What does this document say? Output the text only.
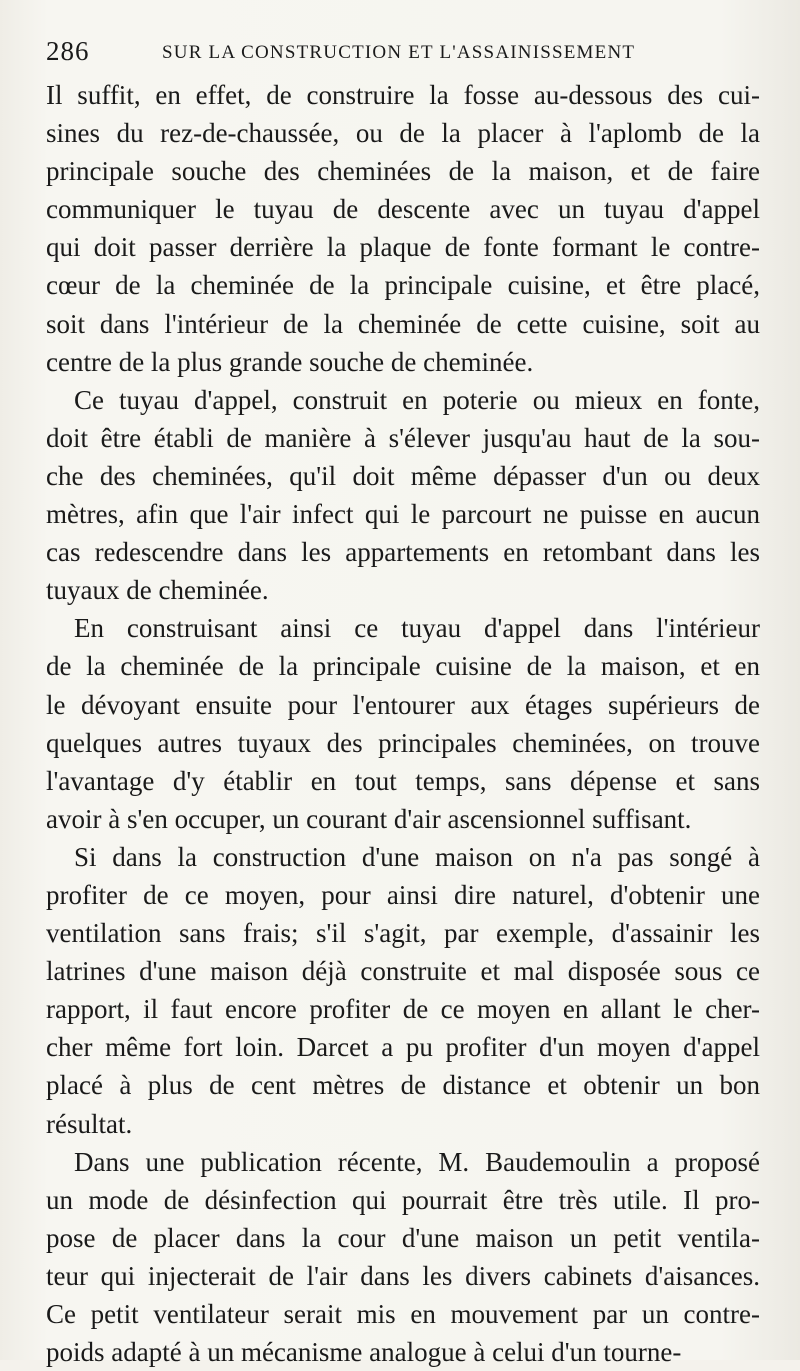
286	SUR LA CONSTRUCTION ET L'ASSAINISSEMENT
Il suffit, en effet, de construire la fosse au-dessous des cui-
sines du rez-de-chaussée, ou de la placer à l'aplomb de la
principale souche des cheminées de la maison, et de faire
communiquer le tuyau de descente avec un tuyau d'appel
qui doit passer derrière la plaque de fonte formant le contre-
cœur de la cheminée de la principale cuisine, et être placé,
soit dans l'intérieur de la cheminée de cette cuisine, soit au
centre de la plus grande souche de cheminée.
Ce tuyau d'appel, construit en poterie ou mieux en fonte,
doit être établi de manière à s'élever jusqu'au haut de la sou-
che des cheminées, qu'il doit même dépasser d'un ou deux
mètres, afin que l'air infect qui le parcourt ne puisse en aucun
cas redescendre dans les appartements en retombant dans les
tuyaux de cheminée.
En construisant ainsi ce tuyau d'appel dans l'intérieur
de la cheminée de la principale cuisine de la maison, et en
le dévoyant ensuite pour l'entourer aux étages supérieurs de
quelques autres tuyaux des principales cheminées, on trouve
l'avantage d'y établir en tout temps, sans dépense et sans
avoir à s'en occuper, un courant d'air ascensionnel suffisant.
Si dans la construction d'une maison on n'a pas songé à
profiter de ce moyen, pour ainsi dire naturel, d'obtenir une
ventilation sans frais; s'il s'agit, par exemple, d'assainir les
latrines d'une maison déjà construite et mal disposée sous ce
rapport, il faut encore profiter de ce moyen en allant le cher-
cher même fort loin. Darcet a pu profiter d'un moyen d'appel
placé à plus de cent mètres de distance et obtenir un bon
résultat.
Dans une publication récente, M. Baudemoulin a proposé
un mode de désinfection qui pourrait être très utile. Il pro-
pose de placer dans la cour d'une maison un petit ventila-
teur qui injecterait de l'air dans les divers cabinets d'aisances.
Ce petit ventilateur serait mis en mouvement par un contre-
poids adapté à un mécanisme analogue à celui d'un tourne-
